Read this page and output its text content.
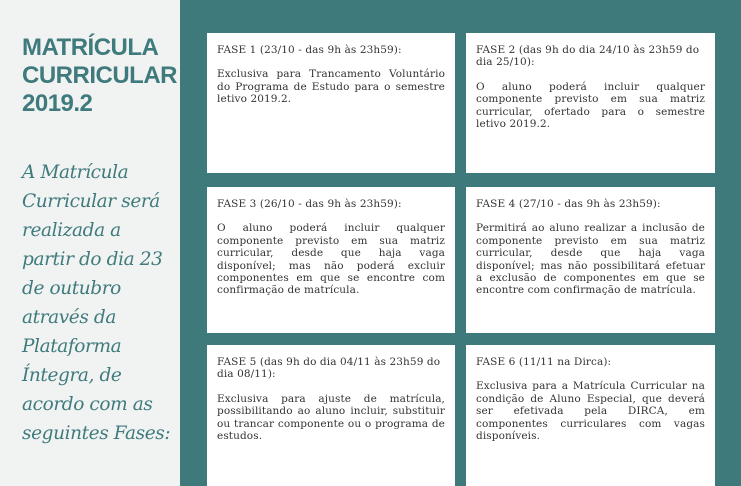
MATRÍCULA
CURRICULAR
2019.2
A Matrícula Curricular será realizada a partir do dia 23 de outubro através da Plataforma Íntegra, de acordo com as seguintes Fases:
FASE 1 (23/10 - das 9h às 23h59):
Exclusiva para Trancamento Voluntário do Programa de Estudo para o semestre letivo 2019.2.
FASE 2 (das 9h do dia 24/10 às 23h59 do dia 25/10):
O aluno poderá incluir qualquer componente previsto em sua matriz curricular, ofertado para o semestre letivo 2019.2.
FASE 3 (26/10 - das 9h às 23h59):
O aluno poderá incluir qualquer componente previsto em sua matriz curricular, desde que haja vaga disponível; mas não poderá excluir componentes em que se encontre com confirmação de matrícula.
FASE 4 (27/10 - das 9h às 23h59):
Permitirá ao aluno realizar a inclusão de componente previsto em sua matriz curricular, desde que haja vaga disponível; mas não possibilitará efetuar a exclusão de componentes em que se encontre com confirmação de matrícula.
FASE 5 (das 9h do dia 04/11 às 23h59 do dia 08/11):
Exclusiva para ajuste de matrícula, possibilitando ao aluno incluir, substituir ou trancar componente ou o programa de estudos.
FASE 6 (11/11 na Dirca):
Exclusiva para a Matrícula Curricular na condição de Aluno Especial, que deverá ser efetivada pela DIRCA, em componentes curriculares com vagas disponíveis.
